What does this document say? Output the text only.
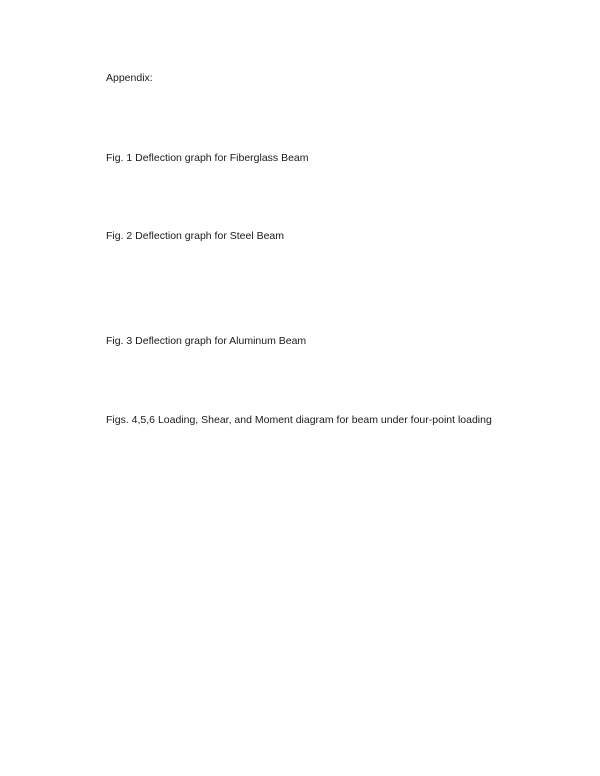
Appendix:
Fig. 1 Deflection graph for Fiberglass Beam
Fig. 2 Deflection graph for Steel Beam
Fig. 3 Deflection graph for Aluminum Beam
Figs. 4,5,6 Loading, Shear, and Moment diagram for beam under four-point loading
